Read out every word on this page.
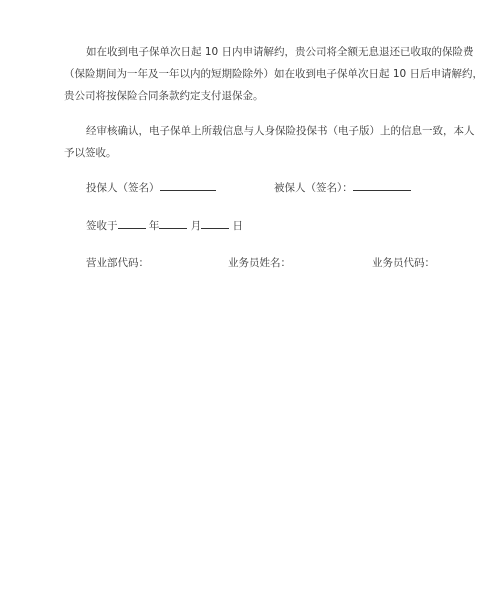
如在收到电子保单次日起 10 日内申请解约，贵公司将全额无息退还已收取的保险费
（保险期间为一年及一年以内的短期险除外）如在收到电子保单次日起 10 日后申请解约，
贵公司将按保险合同条款约定支付退保金。
经审核确认，电子保单上所载信息与人身保险投保书（电子版）上的信息一致，本人
予以签收。
投保人（签名）	被保人（签名）：
签收于	年	月	日
营业部代码：	业务员姓名：	业务员代码：
